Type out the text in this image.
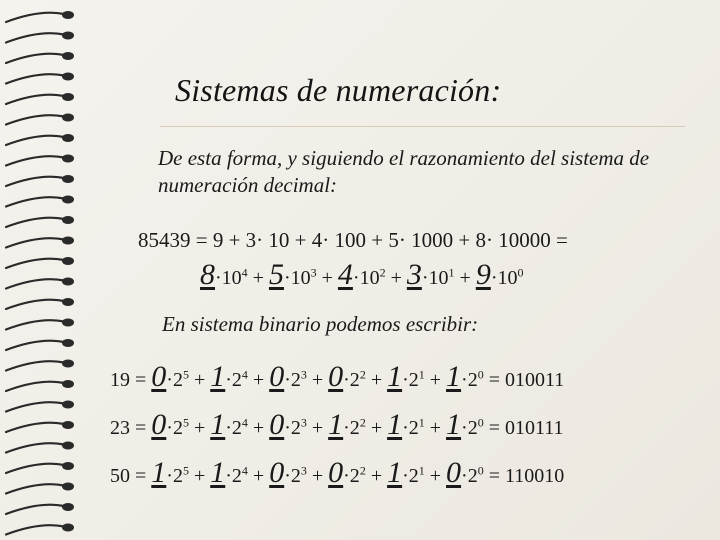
Sistemas de numeración:
De esta forma, y siguiendo el razonamiento del sistema de numeración decimal:
85439 = 9 + 3· 10 + 4· 100 + 5· 1000 + 8· 10000 =
$8\cdot 10^4 + 5\cdot 10^3 + 4\cdot 10^2 + 3\cdot 10^1 + 9\cdot 10^0$
En sistema binario podemos escribir:
$19 = 0\cdot 2^5 + 1\cdot 2^4 + 0\cdot 2^3 + 0\cdot 2^2 + 1\cdot 2^1 + 1\cdot 2^0 = 010011$
$23 = 0\cdot 2^5 + 1\cdot 2^4 + 0\cdot 2^3 + 1\cdot 2^2 + 1\cdot 2^1 + 1\cdot 2^0 = 010111$
$50 = 1\cdot 2^5 + 1\cdot 2^4 + 0\cdot 2^3 + 0\cdot 2^2 + 1\cdot 2^1 + 0\cdot 2^0 = 110010$
